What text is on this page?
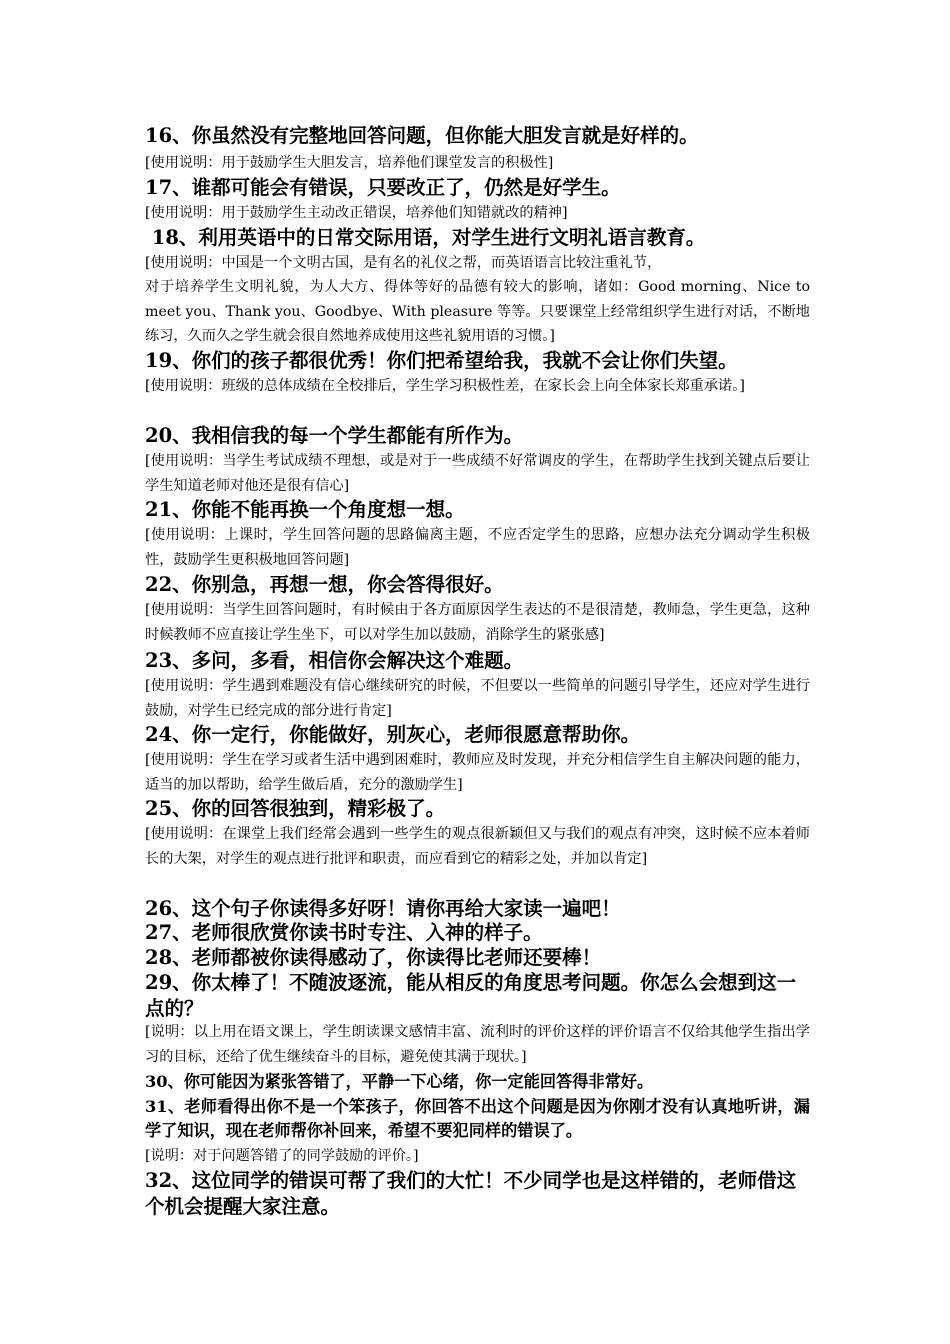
16、你虽然没有完整地回答问题，但你能大胆发言就是好样的。
[使用说明：用于鼓励学生大胆发言，培养他们课堂发言的积极性]
17、谁都可能会有错误，只要改正了，仍然是好学生。
[使用说明：用于鼓励学生主动改正错误，培养他们知错就改的精神]
18、利用英语中的日常交际用语，对学生进行文明礼语言教育。
[使用说明：中国是一个文明古国，是有名的礼仪之帮，而英语语言比较注重礼节，
对于培养学生文明礼貌，为人大方、得体等好的品德有较大的影响，诸如：Good morning、Nice to meet you、Thank you、Goodbye、With pleasure 等等。只要课堂上经常组织学生进行对话，不断地练习，久而久之学生就会很自然地养成使用这些礼貌用语的习惯。]
19、你们的孩子都很优秀！你们把希望给我，我就不会让你们失望。
[使用说明：班级的总体成绩在全校排后，学生学习积极性差，在家长会上向全体家长郑重承诺。]
20、我相信我的每一个学生都能有所作为。
[使用说明：当学生考试成绩不理想，或是对于一些成绩不好常调皮的学生，在帮助学生找到关键点后要让学生知道老师对他还是很有信心]
21、你能不能再换一个角度想一想。
[使用说明：上课时，学生回答问题的思路偏离主题，不应否定学生的思路，应想办法充分调动学生积极性，鼓励学生更积极地回答问题]
22、你别急，再想一想，你会答得很好。
[使用说明：当学生回答问题时，有时候由于各方面原因学生表达的不是很清楚，教师急，学生更急，这种时候教师不应直接让学生坐下，可以对学生加以鼓励，消除学生的紧张感]
23、多问，多看，相信你会解决这个难题。
[使用说明：学生遇到难题没有信心继续研究的时候，不但要以一些简单的问题引导学生，还应对学生进行鼓励，对学生已经完成的部分进行肯定]
24、你一定行，你能做好，别灰心，老师很愿意帮助你。
[使用说明：学生在学习或者生活中遇到困难时，教师应及时发现，并充分相信学生自主解决问题的能力，适当的加以帮助，给学生做后盾，充分的激励学生]
25、你的回答很独到，精彩极了。
[使用说明：在课堂上我们经常会遇到一些学生的观点很新颖但又与我们的观点有冲突，这时候不应本着师长的大架，对学生的观点进行批评和职责，而应看到它的精彩之处，并加以肯定]
26、这个句子你读得多好呀！请你再给大家读一遍吧！
27、老师很欣赏你读书时专注、入神的样子。
28、老师都被你读得感动了，你读得比老师还要棒！
29、你太棒了！不随波逐流，能从相反的角度思考问题。你怎么会想到这一点的？
[说明：以上用在语文课上，学生朗读课文感情丰富、流利时的评价这样的评价语言不仅给其他学生指出学习的目标，还给了优生继续奋斗的目标，避免使其满于现状。]
30、你可能因为紧张答错了，平静一下心绪，你一定能回答得非常好。
31、老师看得出你不是一个笨孩子，你回答不出这个问题是因为你刚才没有认真地听讲，漏学了知识，现在老师帮你补回来，希望不要犯同样的错误了。
[说明：对于问题答错了的同学鼓励的评价。]
32、这位同学的错误可帮了我们的大忙！不少同学也是这样错的，老师借这个机会提醒大家注意。
